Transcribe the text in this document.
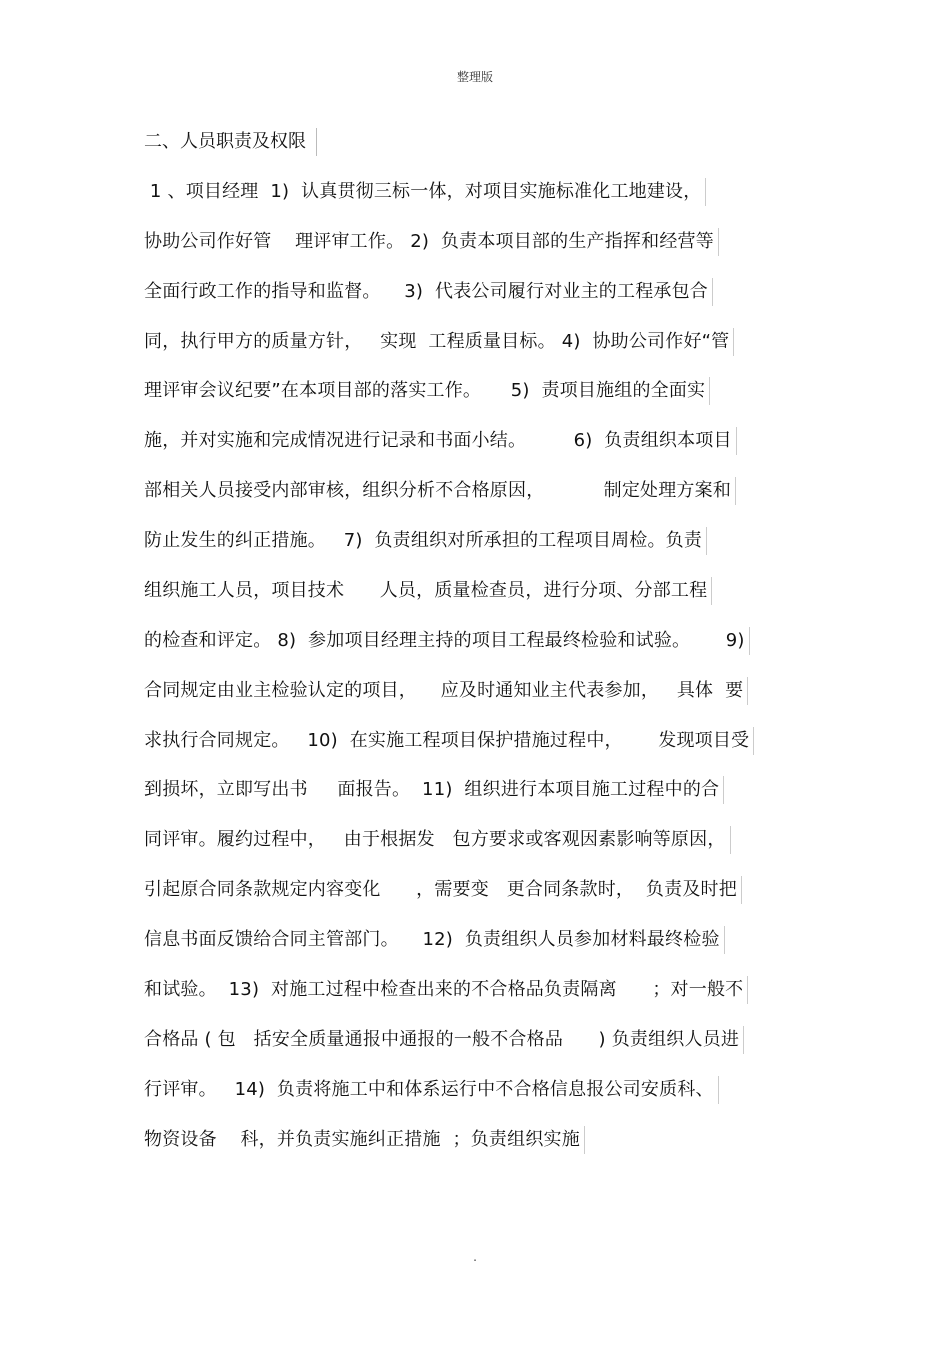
整理版
二、人员职责及权限
1 、项目经理  1)  认真贯彻三标一体，对项目实施标准化工地建设，
协助公司作好管    理评审工作。 2)  负责本项目部的生产指挥和经营等
全面行政工作的指导和监督。    3)  代表公司履行对业主的工程承包合
同，执行甲方的质量方针，   实现  工程质量目标。 4)  协助公司作好“管
理评审会议纪要”在本项目部的落实工作。     5)  责项目施组的全面实
施，并对实施和完成情况进行记录和书面小结。        6)  负责组织本项目
部相关人员接受内部审核，组织分析不合格原因，          制定处理方案和
防止发生的纠正措施。   7)  负责组织对所承担的工程项目周检。负责
组织施工人员，项目技术      人员，质量检查员，进行分项、分部工程
的检查和评定。 8)  参加项目经理主持的项目工程最终检验和试验。      9)
合同规定由业主检验认定的项目，    应及时通知业主代表参加，   具体  要
求执行合同规定。   10)  在实施工程项目保护措施过程中，      发现项目受
到损坏，立即写出书     面报告。  11)  组织进行本项目施工过程中的合
同评审。履约过程中，   由于根据发   包方要求或客观因素影响等原因，
引起原合同条款规定内容变化      ，需要变   更合同条款时，  负责及时把
信息书面反馈给合同主管部门。    12)  负责组织人员参加材料最终检验
和试验。  13)  对施工过程中检查出来的不合格品负责隔离      ；对一般不
合格品 ( 包   括安全质量通报中通报的一般不合格品      ) 负责组织人员进
行评审。   14)  负责将施工中和体系运行中不合格信息报公司安质科、
物资设备    科，并负责实施纠正措施  ；负责组织实施
.
